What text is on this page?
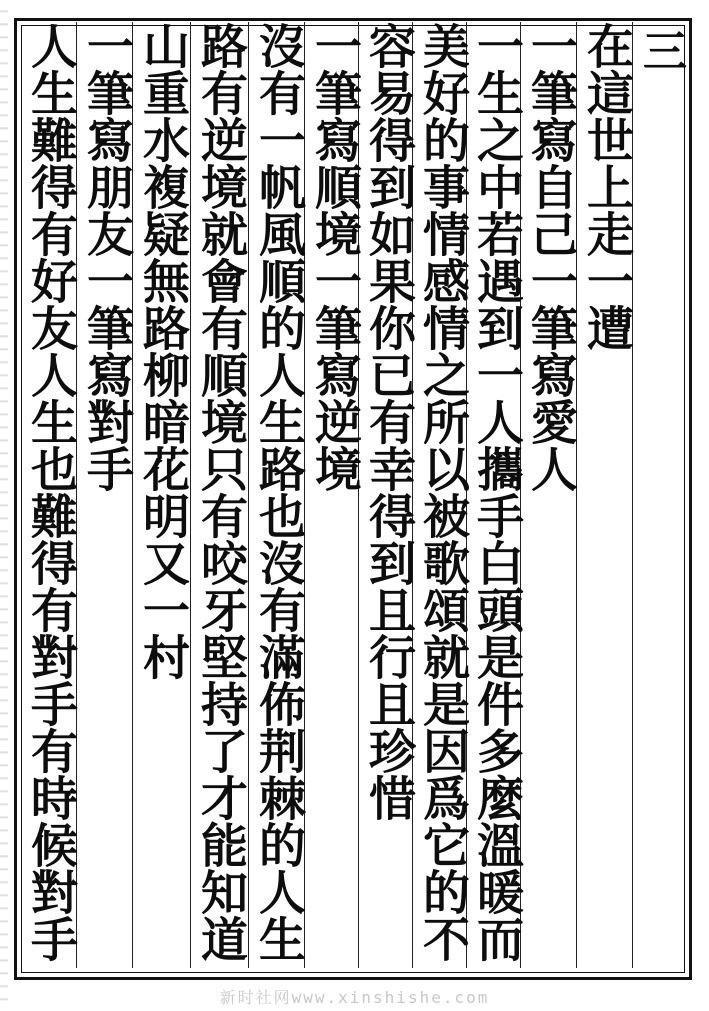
三
在這世上走一遭
一筆寫自己一筆寫愛人
一生之中若遇到一人攜手白頭是件多麼溫暖而
美好的事情感情之所以被歌頌就是因爲它的不
容易得到如果你已有幸得到且行且珍惜
一筆寫順境一筆寫逆境
沒有一帆風順的人生路也沒有滿佈荆棘的人生
路有逆境就會有順境只有咬牙堅持了才能知道
山重水複疑無路柳暗花明又一村
一筆寫朋友一筆寫對手
人生難得有好友人生也難得有對手有時候對手
新时社网www.xinshishe.com
